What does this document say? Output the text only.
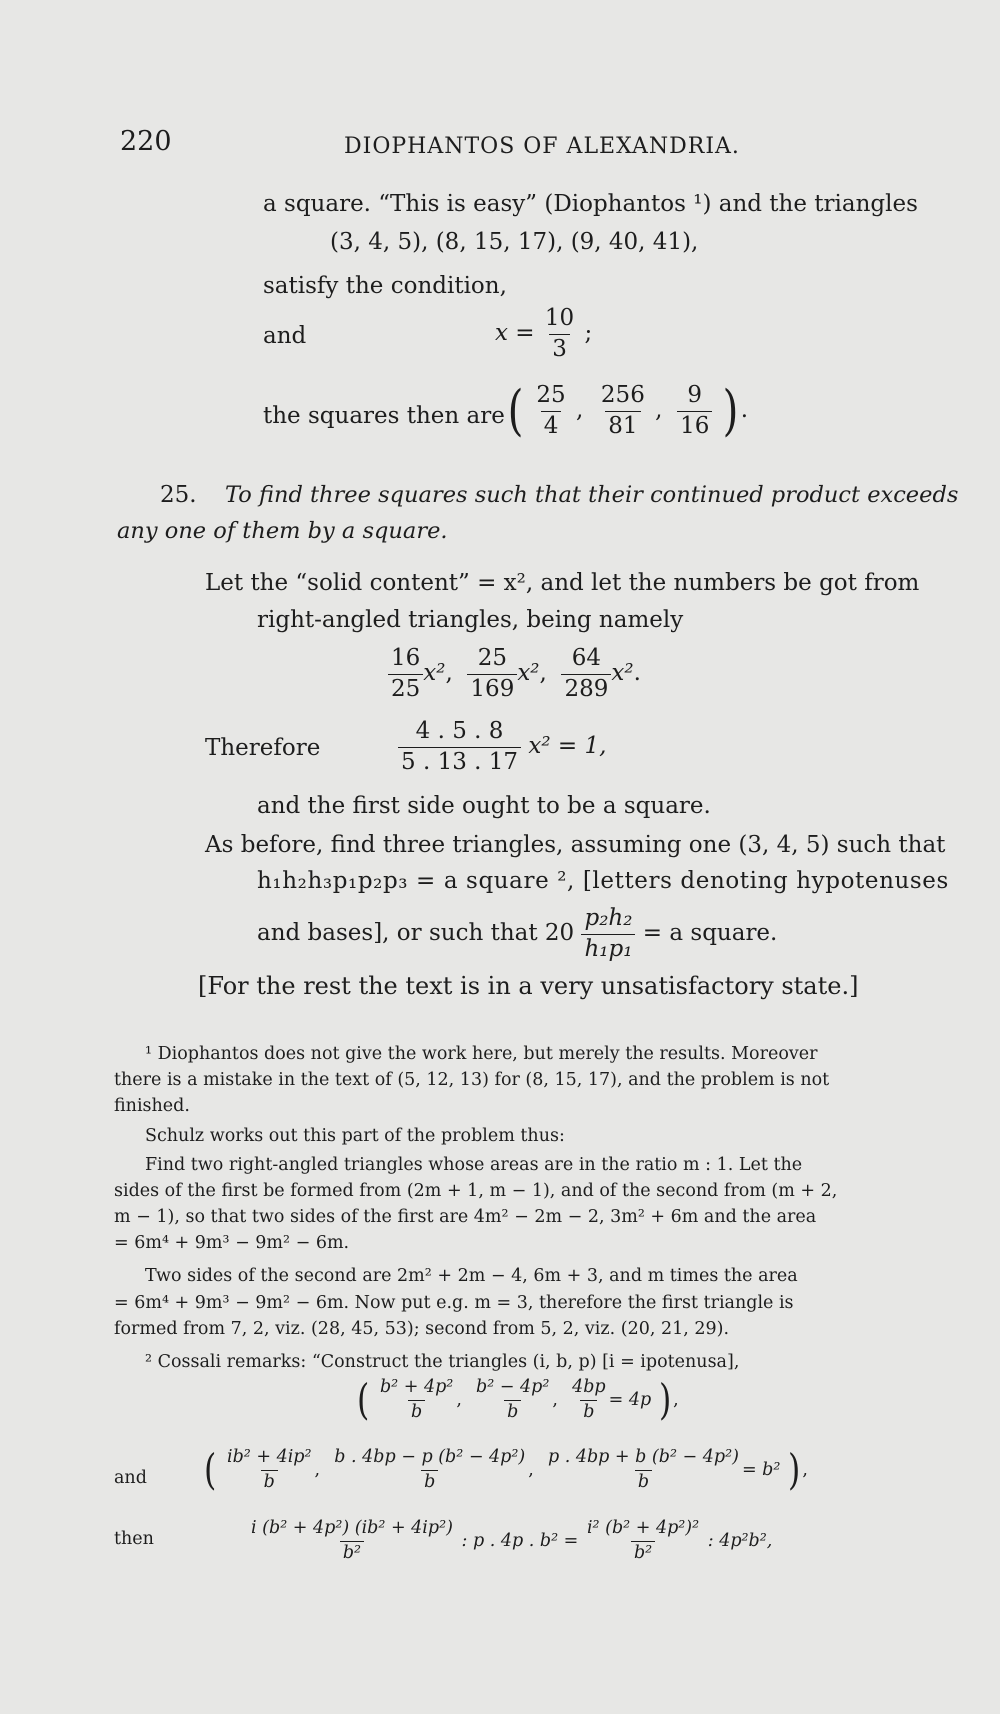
220	DIOPHANTOS OF ALEXANDRIA.
a square. “This is easy” (Diophantos ¹) and the triangles
(3, 4, 5), (8, 15, 17), (9, 40, 41),
satisfy the condition,
and	$x = \frac{10}{3}$ ;
the squares then are ( $\frac{25}{4}$ , $\frac{256}{81}$ , $\frac{9}{16}$ ) .
25. To find three squares such that their continued product exceeds
any one of them by a square.
Let the “solid content” = x², and let the numbers be got from
right-angled triangles, being namely
$\frac{16}{25} x^2$, $\frac{25}{169} x^2$, $\frac{64}{289} x^2$.
Therefore	$\frac{4 . 5 . 8}{5 . 13 . 17} x^2 = 1$,
and the first side ought to be a square.
As before, find three triangles, assuming one (3, 4, 5) such that
h₁h₂h₃p₁p₂p₃ = a square ², [letters denoting hypotenuses
and bases], or such that $20 \frac{\text{p₂h₂}}{\text{h₁p₁}} = a$ square.
[For the rest the text is in a very unsatisfactory state.]
¹ Diophantos does not give the work here, but merely the results. Moreover
there is a mistake in the text of (5, 12, 13) for (8, 15, 17), and the problem is not
finished.
Schulz works out this part of the problem thus:
Find two right-angled triangles whose areas are in the ratio m : 1. Let the
sides of the first be formed from (2m + 1, m − 1), and of the second from (m + 2,
m − 1), so that two sides of the first are 4m² − 2m − 2, 3m² + 6m and the area
= 6m⁴ + 9m³ − 9m² − 6m.
Two sides of the second are 2m² + 2m − 4, 6m + 3, and m times the area
= 6m⁴ + 9m³ − 9m² − 6m. Now put e.g. m = 3, therefore the first triangle is
formed from 7, 2, viz. (28, 45, 53); second from 5, 2, viz. (20, 21, 29).
² Cossali remarks: “Construct the triangles (i, b, p) [i = ipotenusa],
( $\frac{\text{b² + 4p²}}{b}$ , $\frac{\text{b² − 4p²}}{b}$ , $\frac{4bp}{b} = 4p$ ) ,
and ( $\frac{\text{ib² + 4ip²}}{b}$ , $\frac{\text{b . 4bp − p (b² − 4p²)}}{b}$ , $\frac{\text{p . 4bp + b (b² − 4p²)}}{b} = b^2$ ) ,
then	$\frac{\text{i (b² + 4p²) (ib² + 4ip²)}}{\text{b²}}$ : p . 4p . $b^2 = \frac{\text{i² (b² + 4p²)²}}{\text{b²}}$ : 4p²b²,
